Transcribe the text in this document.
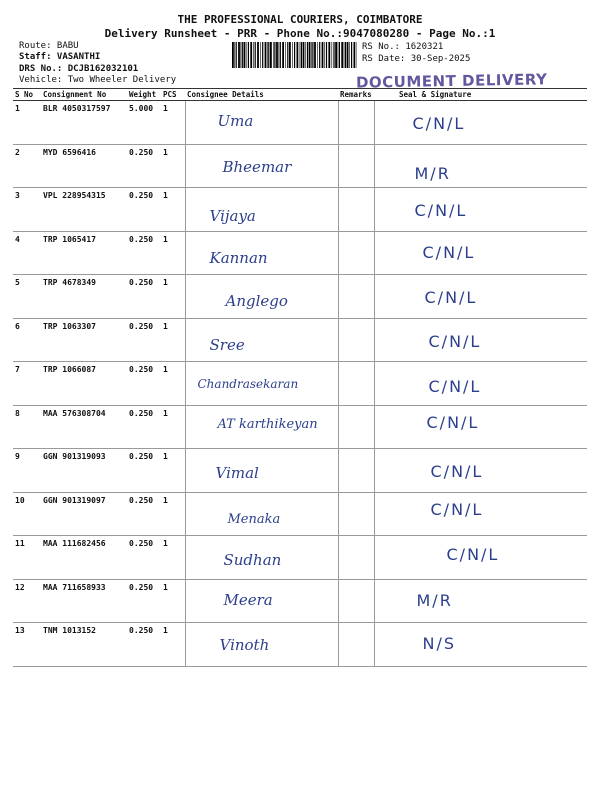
THE PROFESSIONAL COURIERS, COIMBATORE
Delivery Runsheet - PRR - Phone No.:9047080280 - Page No.:1
Route: BABU
Staff: VASANTHI
DRS No.: DCJB162032101
Vehicle: Two Wheeler Delivery
RS No.: 1620321
RS Date: 30-Sep-2025
DOCUMENT DELIVERY
S No	Consignment No	Weight	PCS	Consignee Details	Remarks	Seal & Signature
1	BLR 4050317597	5.000	1	Uma		C/N/L
2	MYD 6596416	0.250	1	Bheemar		M/R
3	VPL 228954315	0.250	1	Vijaya		C/N/L
4	TRP 1065417	0.250	1	Kannan		C/N/L
5	TRP 4678349	0.250	1	Anglego		C/N/L
6	TRP 1063307	0.250	1	Sree		C/N/L
7	TRP 1066087	0.250	1	Chandrasekaran		C/N/L
8	MAA 576308704	0.250	1	AT karthikeyan		C/N/L
9	GGN 901319093	0.250	1	Vimal		C/N/L
10	GGN 901319097	0.250	1	Menaka		C/N/L
11	MAA 111682456	0.250	1	Sudhan		C/N/L
12	MAA 711658933	0.250	1	Meera		M/R
13	TNM 1013152	0.250	1	Vinoth		N/S
